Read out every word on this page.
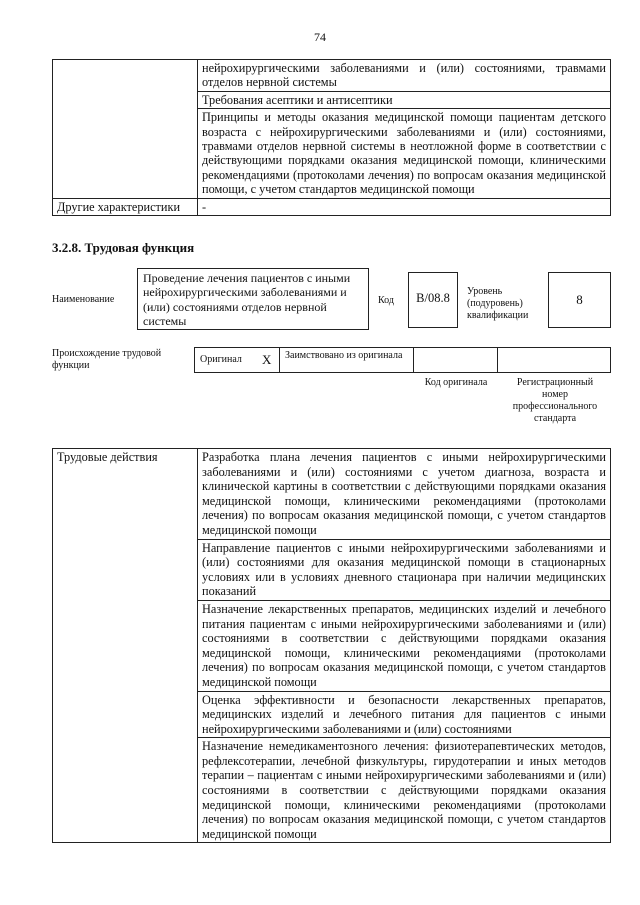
74
	нейрохирургическими заболеваниями и (или) состояниями, травмами отделов нервной системы
	Требования асептики и антисептики
	Принципы и методы оказания медицинской помощи пациентам детского возраста с нейрохирургическими заболеваниями и (или) состояниями, травмами отделов нервной системы в неотложной форме в соответствии с действующими порядками оказания медицинской помощи, клиническими рекомендациями (протоколами лечения) по вопросам оказания медицинской помощи, с учетом стандартов медицинской помощи
Другие характеристики	-
3.2.8. Трудовая функция
Наименование
Проведение лечения пациентов с иными нейрохирургическими заболеваниями и (или) состояниями отделов нервной системы
Код	B/08.8	Уровень (подуровень) квалификации
8
Происхождение трудовой функции
Оригинал X Заимствовано из оригинала
Код оригинала	Регистрационный номер профессионального стандарта
Трудовые действия	Разработка плана лечения пациентов с иными нейрохирургическими заболеваниями и (или) состояниями с учетом диагноза, возраста и клинической картины в соответствии с действующими порядками оказания медицинской помощи, клиническими рекомендациями (протоколами лечения) по вопросам оказания медицинской помощи, с учетом стандартов медицинской помощи
Направление пациентов с иными нейрохирургическими заболеваниями и (или) состояниями для оказания медицинской помощи в стационарных условиях или в условиях дневного стационара при наличии медицинских показаний
Назначение лекарственных препаратов, медицинских изделий и лечебного питания пациентам с иными нейрохирургическими заболеваниями и (или) состояниями в соответствии с действующими порядками оказания медицинской помощи, клиническими рекомендациями (протоколами лечения) по вопросам оказания медицинской помощи, с учетом стандартов медицинской помощи
Оценка эффективности и безопасности лекарственных препаратов, медицинских изделий и лечебного питания для пациентов с иными нейрохирургическими заболеваниями и (или) состояниями
Назначение немедикаментозного лечения: физиотерапевтических методов, рефлексотерапии, лечебной физкультуры, гирудотерапии и иных методов терапии – пациентам с иными нейрохирургическими заболеваниями и (или) состояниями в соответствии с действующими порядками оказания медицинской помощи, клиническими рекомендациями (протоколами лечения) по вопросам оказания медицинской помощи, с учетом стандартов медицинской помощи
